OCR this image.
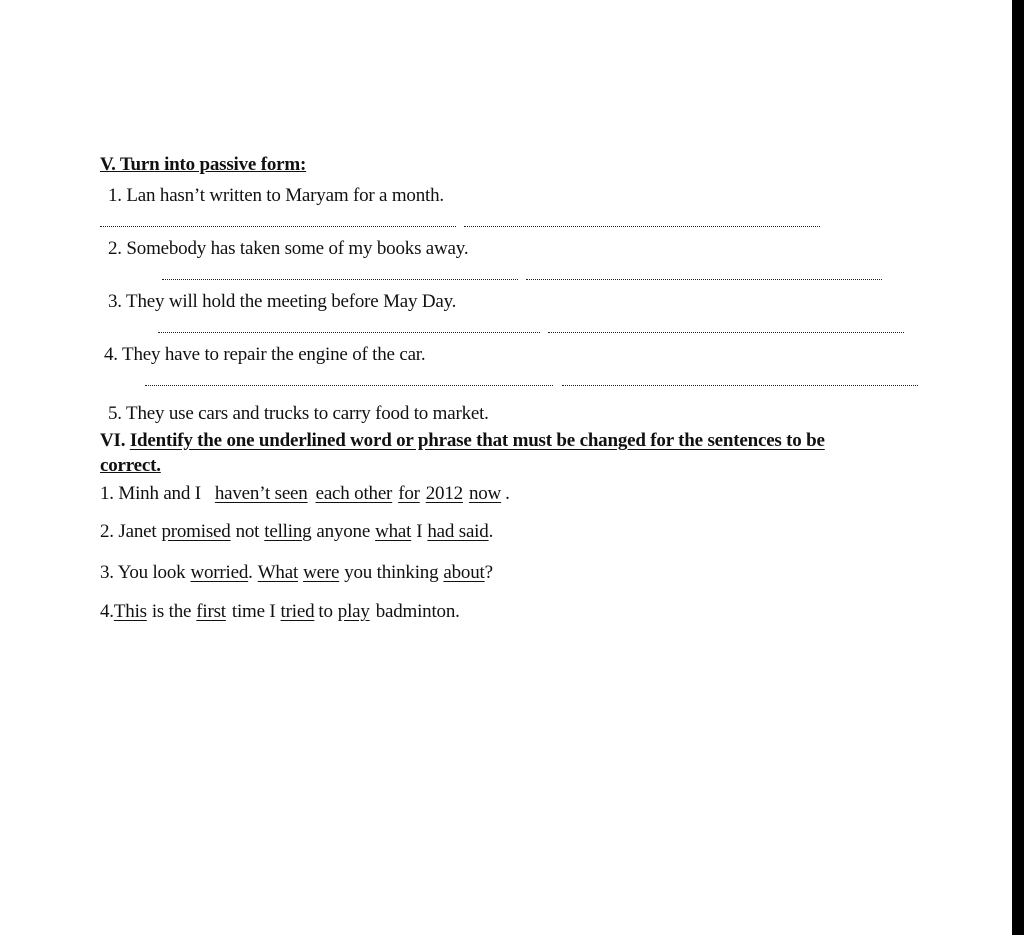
V. Turn into passive form:
1. Lan hasn’t written to Maryam for a month.
2. Somebody has taken some of my books away.
3. They will hold the meeting before May Day.
4. They have to repair the engine of the car.
5. They use cars and trucks to carry food to market.
VI. Identify the one underlined word or phrase that must be changed for the sentences to be
correct.
1. Minh and I haven’t seen each other for 2012 now .
2. Janet promised not telling anyone what I had said.
3. You look worried. What were you thinking about?
4.This is the first time I tried to play badminton.
